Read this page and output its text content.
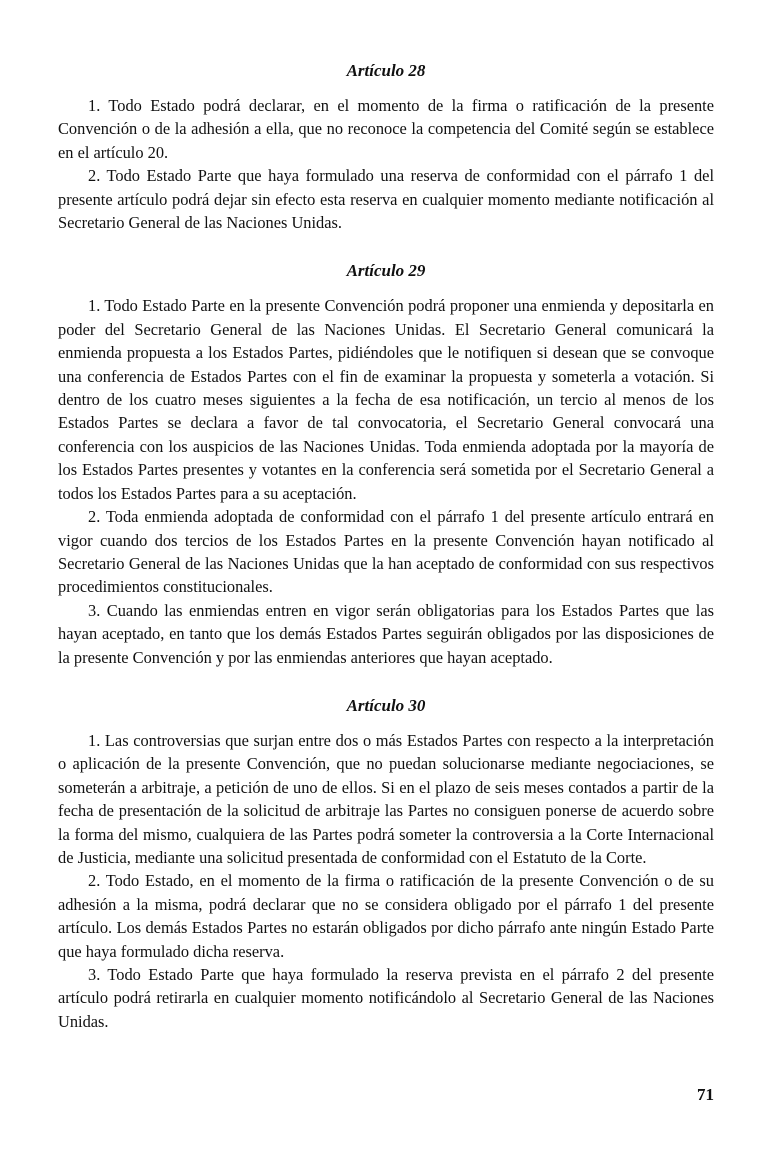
Artículo 28

1. Todo Estado podrá declarar, en el momento de la firma o ratificación de la presente Convención o de la adhesión a ella, que no reconoce la competencia del Comité según se establece en el artículo 20.

2. Todo Estado Parte que haya formulado una reserva de conformidad con el párrafo 1 del presente artículo podrá dejar sin efecto esta reserva en cualquier momento mediante notificación al Secretario General de las Naciones Unidas.

Artículo 29

1. Todo Estado Parte en la presente Convención podrá proponer una enmienda y depositarla en poder del Secretario General de las Naciones Unidas. El Secretario General comunicará la enmienda propuesta a los Estados Partes, pidiéndoles que le notifiquen si desean que se convoque una conferencia de Estados Partes con el fin de examinar la propuesta y someterla a votación. Si dentro de los cuatro meses siguientes a la fecha de esa notificación, un tercio al menos de los Estados Partes se declara a favor de tal convocatoria, el Secretario General convocará una conferencia con los auspicios de las Naciones Unidas. Toda enmienda adoptada por la mayoría de los Estados Partes presentes y votantes en la conferencia será sometida por el Secretario General a todos los Estados Partes para a su aceptación.

2. Toda enmienda adoptada de conformidad con el párrafo 1 del presente artículo entrará en vigor cuando dos tercios de los Estados Partes en la presente Convención hayan notificado al Secretario General de las Naciones Unidas que la han aceptado de conformidad con sus respectivos procedimientos constitucionales.

3. Cuando las enmiendas entren en vigor serán obligatorias para los Estados Partes que las hayan aceptado, en tanto que los demás Estados Partes seguirán obligados por las disposiciones de la presente Convención y por las enmiendas anteriores que hayan aceptado.

Artículo 30

1. Las controversias que surjan entre dos o más Estados Partes con respecto a la interpretación o aplicación de la presente Convención, que no puedan solucionarse mediante negociaciones, se someterán a arbitraje, a petición de uno de ellos. Si en el plazo de seis meses contados a partir de la fecha de presentación de la solicitud de arbitraje las Partes no consiguen ponerse de acuerdo sobre la forma del mismo, cualquiera de las Partes podrá someter la controversia a la Corte Internacional de Justicia, mediante una solicitud presentada de conformidad con el Estatuto de la Corte.

2. Todo Estado, en el momento de la firma o ratificación de la presente Convención o de su adhesión a la misma, podrá declarar que no se considera obligado por el párrafo 1 del presente artículo. Los demás Estados Partes no estarán obligados por dicho párrafo ante ningún Estado Parte que haya formulado dicha reserva.

3. Todo Estado Parte que haya formulado la reserva prevista en el párrafo 2 del presente artículo podrá retirarla en cualquier momento notificándolo al Secretario General de las Naciones Unidas.

71
